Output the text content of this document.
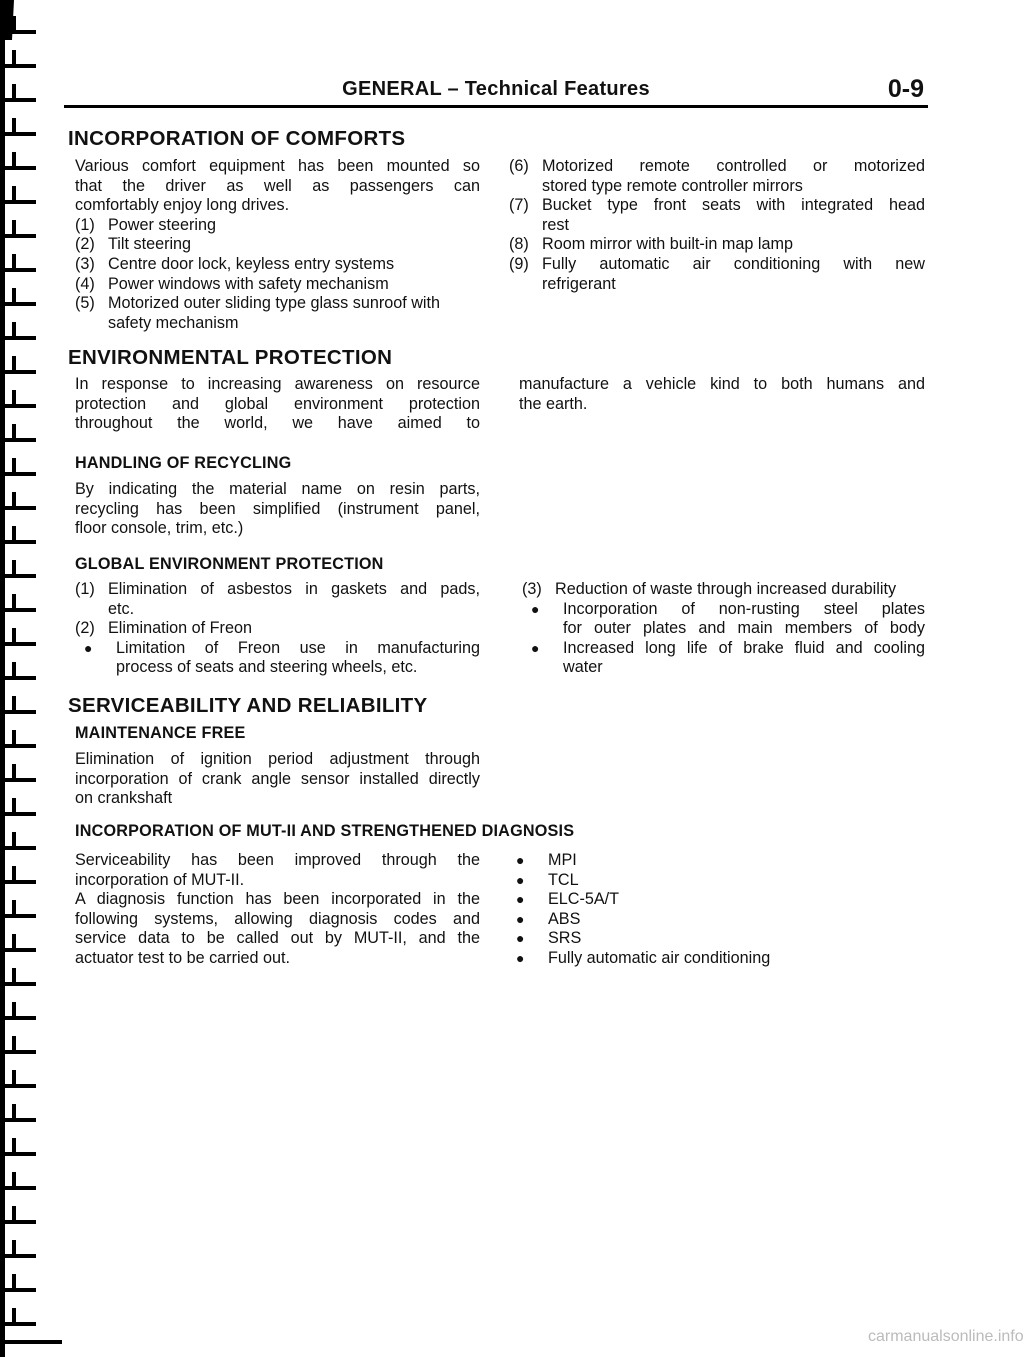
GENERAL – Technical Features	0-9
INCORPORATION OF COMFORTS
Various comfort equipment has been mounted so
that the driver as well as passengers can
comfortably enjoy long drives.
(1) Power steering
(2) Tilt steering
(3) Centre door lock, keyless entry systems
(4) Power windows with safety mechanism
(5) Motorized outer sliding type glass sunroof with
safety mechanism
(6) Motorized remote controlled or motorized
stored type remote controller mirrors
(7) Bucket type front seats with integrated head
rest
(8) Room mirror with built-in map lamp
(9) Fully automatic air conditioning with new
refrigerant
ENVIRONMENTAL PROTECTION
In response to increasing awareness on resource
protection and global environment protection
throughout the world, we have aimed to
manufacture a vehicle kind to both humans and
the earth.
HANDLING OF RECYCLING
By indicating the material name on resin parts,
recycling has been simplified (instrument panel,
floor console, trim, etc.)
GLOBAL ENVIRONMENT PROTECTION
(1) Elimination of asbestos in gaskets and pads,
etc.
(2) Elimination of Freon
● Limitation of Freon use in manufacturing
process of seats and steering wheels, etc.
(3) Reduction of waste through increased durability
● Incorporation of non-rusting steel plates
for outer plates and main members of body
● Increased long life of brake fluid and cooling
water
SERVICEABILITY AND RELIABILITY
MAINTENANCE FREE
Elimination of ignition period adjustment through
incorporation of crank angle sensor installed directly
on crankshaft
INCORPORATION OF MUT-II AND STRENGTHENED DIAGNOSIS
Serviceability has been improved through the
incorporation of MUT-II.
A diagnosis function has been incorporated in the
following systems, allowing diagnosis codes and
service data to be called out by MUT-II, and the
actuator test to be carried out.
● MPI
● TCL
● ELC-5A/T
● ABS
● SRS
● Fully automatic air conditioning
carmanualsonline.info
